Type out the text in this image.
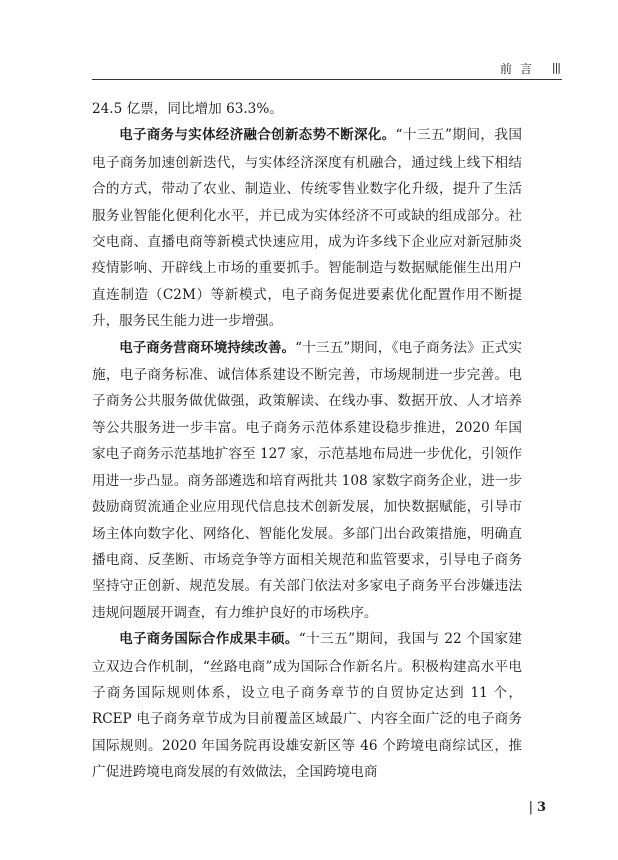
前言 |||

24.5 亿票，同比增加 63.3%。

电子商务与实体经济融合创新态势不断深化。“十三五”期间，我国电子商务加速创新迭代，与实体经济深度有机融合，通过线上线下相结合的方式，带动了农业、制造业、传统零售业数字化升级，提升了生活服务业智能化便利化水平，并已成为实体经济不可或缺的组成部分。社交电商、直播电商等新模式快速应用，成为许多线下企业应对新冠肺炎疫情影响、开辟线上市场的重要抓手。智能制造与数据赋能催生出用户直连制造（C2M）等新模式，电子商务促进要素优化配置作用不断提升，服务民生能力进一步增强。

电子商务营商环境持续改善。“十三五”期间，《电子商务法》正式实施，电子商务标准、诚信体系建设不断完善，市场规制进一步完善。电子商务公共服务做优做强，政策解读、在线办事、数据开放、人才培养等公共服务进一步丰富。电子商务示范体系建设稳步推进，2020 年国家电子商务示范基地扩容至 127 家，示范基地布局进一步优化，引领作用进一步凸显。商务部遴选和培育两批共 108 家数字商务企业，进一步鼓励商贸流通企业应用现代信息技术创新发展，加快数据赋能，引导市场主体向数字化、网络化、智能化发展。多部门出台政策措施，明确直播电商、反垄断、市场竞争等方面相关规范和监管要求，引导电子商务坚持守正创新、规范发展。有关部门依法对多家电子商务平台涉嫌违法违规问题展开调查，有力维护良好的市场秩序。

电子商务国际合作成果丰硕。“十三五”期间，我国与 22 个国家建立双边合作机制，“丝路电商”成为国际合作新名片。积极构建高水平电子商务国际规则体系，设立电子商务章节的自贸协定达到 11 个，RCEP 电子商务章节成为目前覆盖区域最广、内容全面广泛的电子商务国际规则。2020 年国务院再设雄安新区等 46 个跨境电商综试区，推广促进跨境电商发展的有效做法，全国跨境电商

| 3
